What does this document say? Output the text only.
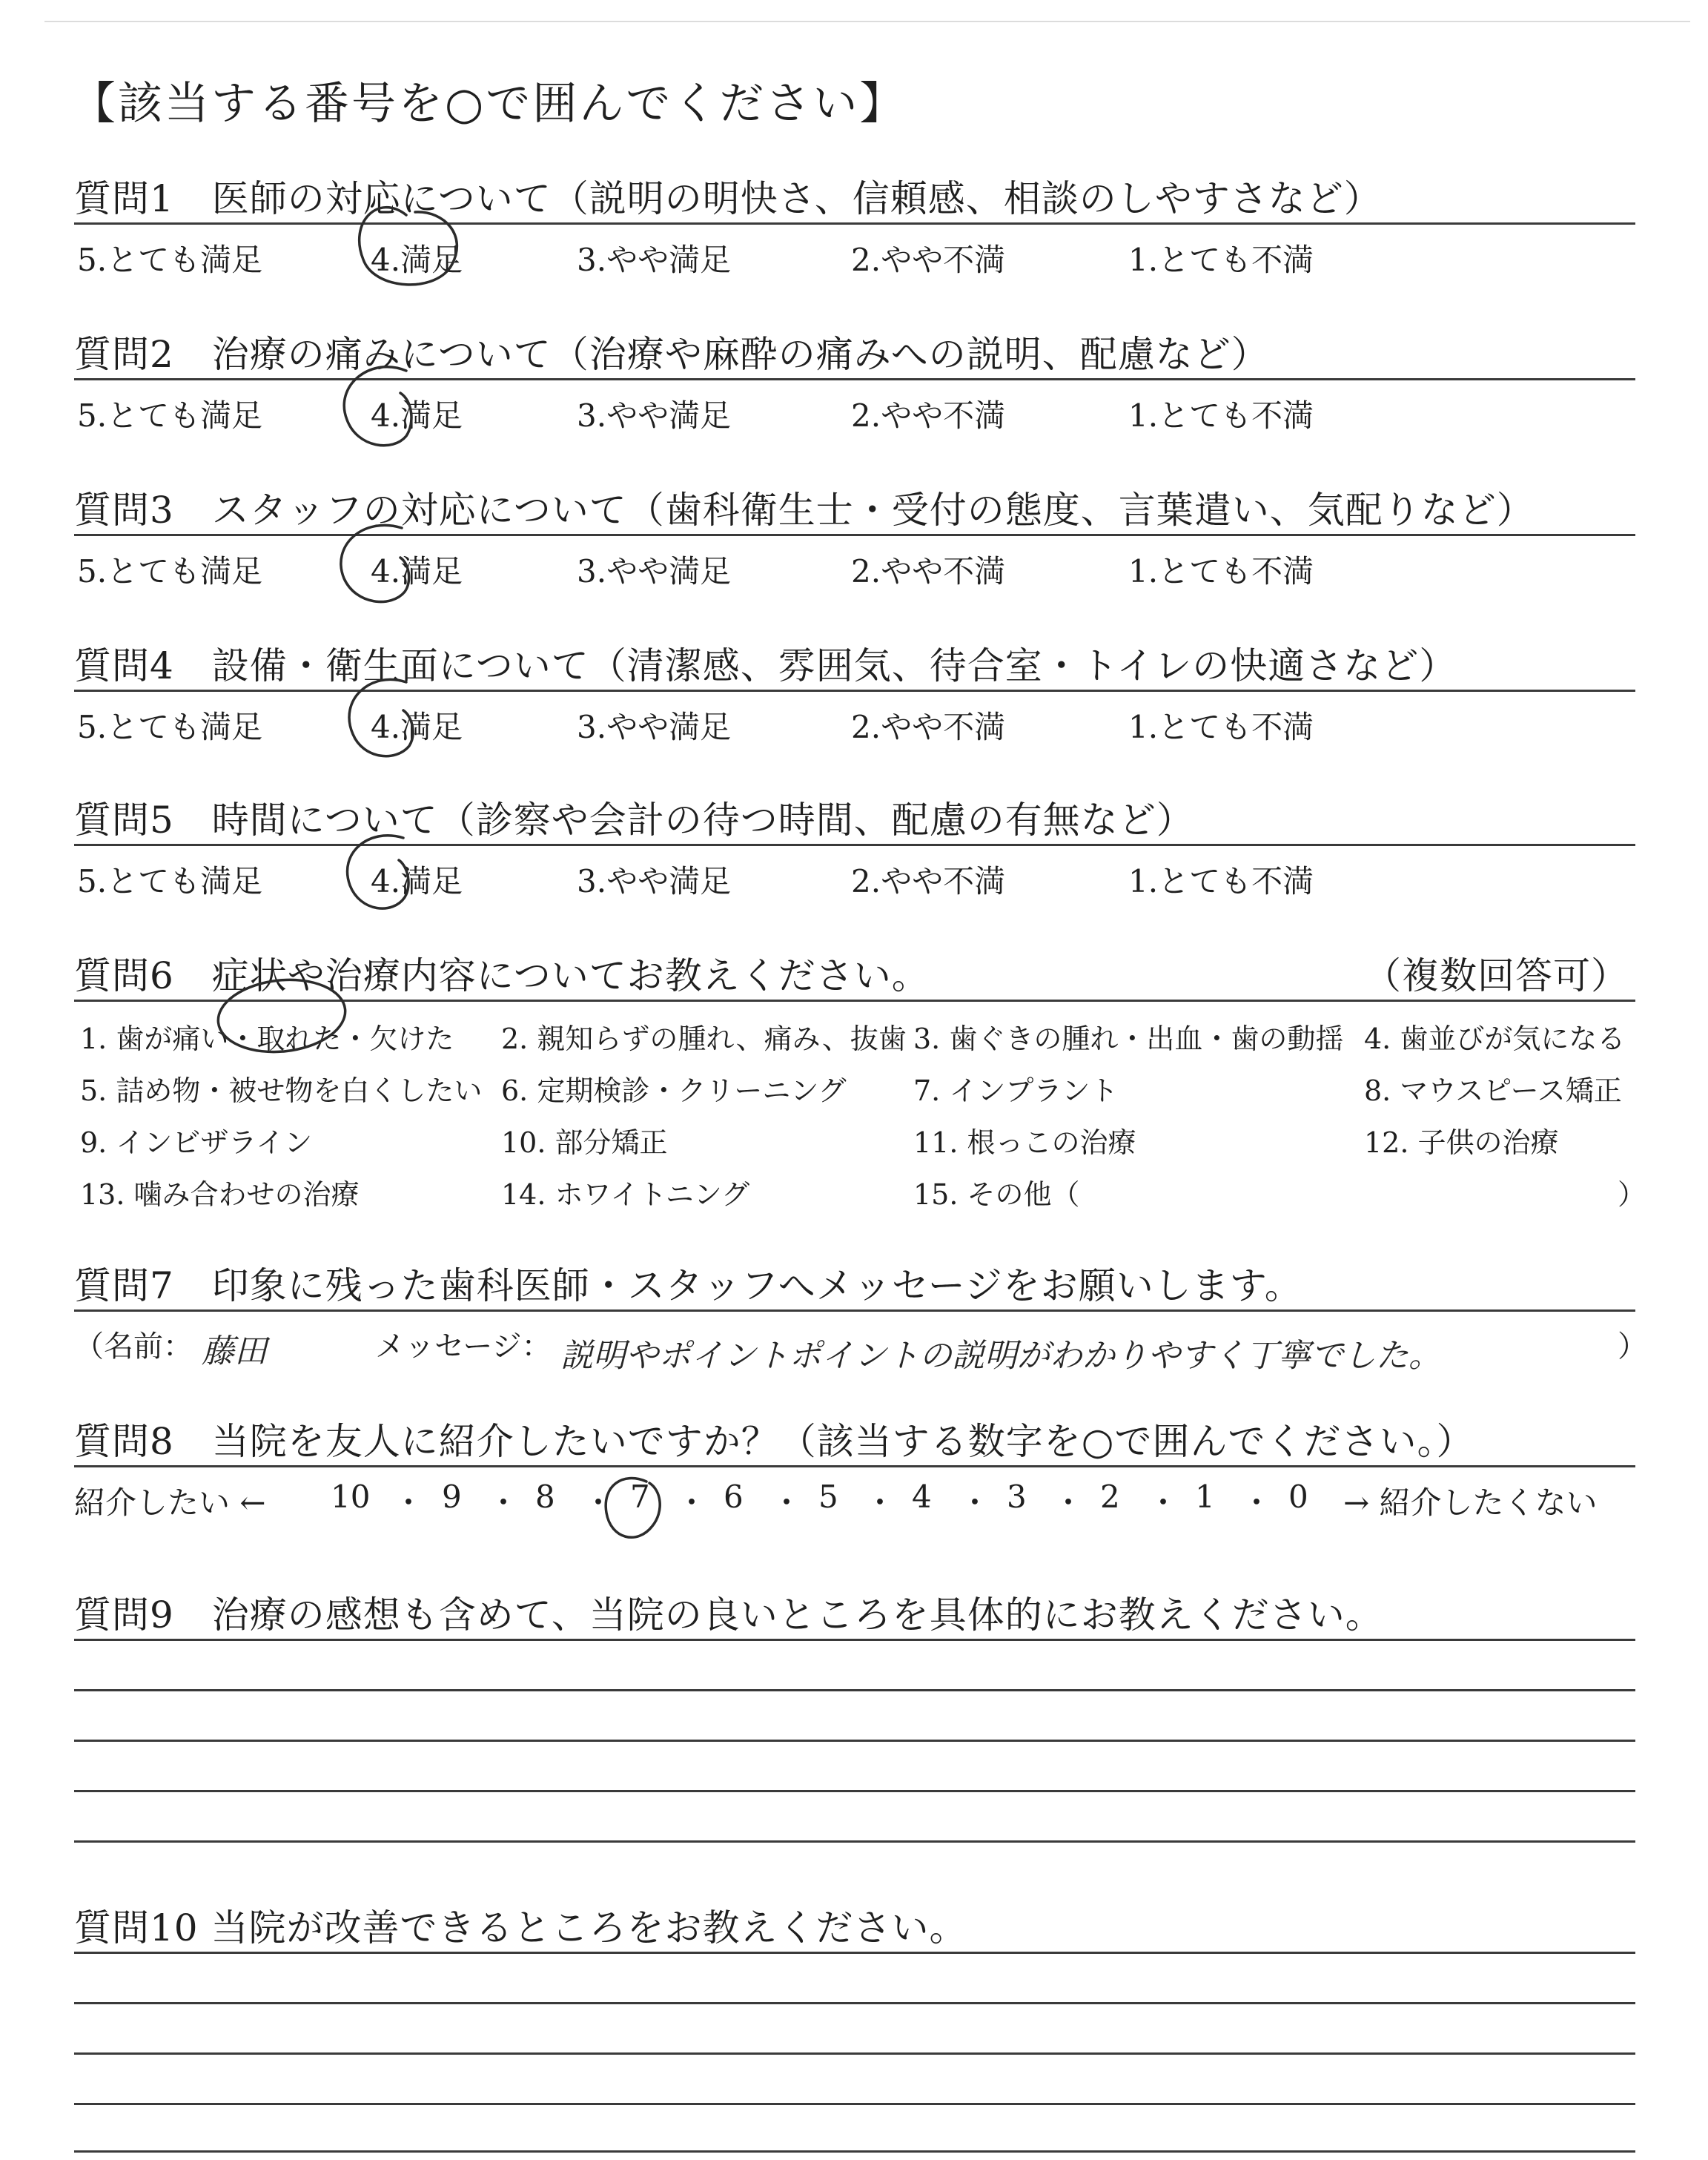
【該当する番号を○で囲んでください】
質問1　医師の対応について（説明の明快さ、信頼感、相談のしやすさなど）
5.とても満足	4.満足	3.やや満足	2.やや不満	1.とても不満
質問2　治療の痛みについて（治療や麻酔の痛みへの説明、配慮など）
5.とても満足	4.満足	3.やや満足	2.やや不満	1.とても不満
質問3　スタッフの対応について（歯科衛生士・受付の態度、言葉遣い、気配りなど）
5.とても満足	4.満足	3.やや満足	2.やや不満	1.とても不満
質問4　設備・衛生面について（清潔感、雰囲気、待合室・トイレの快適さなど）
5.とても満足	4.満足	3.やや満足	2.やや不満	1.とても不満
質問5　時間について（診察や会計の待つ時間、配慮の有無など）
5.とても満足	4.満足	3.やや満足	2.やや不満	1.とても不満
質問6　症状や治療内容についてお教えください。	（複数回答可）
1. 歯が痛い・取れた・欠けた 2. 親知らずの腫れ、痛み、抜歯 3. 歯ぐきの腫れ・出血・歯の動揺 4. 歯並びが気になる
5. 詰め物・被せ物を白くしたい 6. 定期検診・クリーニング 7. インプラント	8. マウスピース矯正
9. インビザライン	10. 部分矯正	11. 根っこの治療	12. 子供の治療
13. 噛み合わせの治療	14. ホワイトニング	15. その他（	）
質問7　印象に残った歯科医師・スタッフへメッセージをお願いします。
（名前： 藤田	メッセージ： 説明やポイントポイントの説明がわかりやすく丁寧でした。	）
質問8　当院を友人に紹介したいですか？（該当する数字を○で囲んでください。）
紹介したい ← 10 ・ 9 ・ 8 ・ 7 ・ 6 ・ 5 ・ 4 ・ 3 ・ 2 ・ 1 ・ 0 → 紹介したくない
質問9　治療の感想も含めて、当院の良いところを具体的にお教えください。
質問10 当院が改善できるところをお教えください。
